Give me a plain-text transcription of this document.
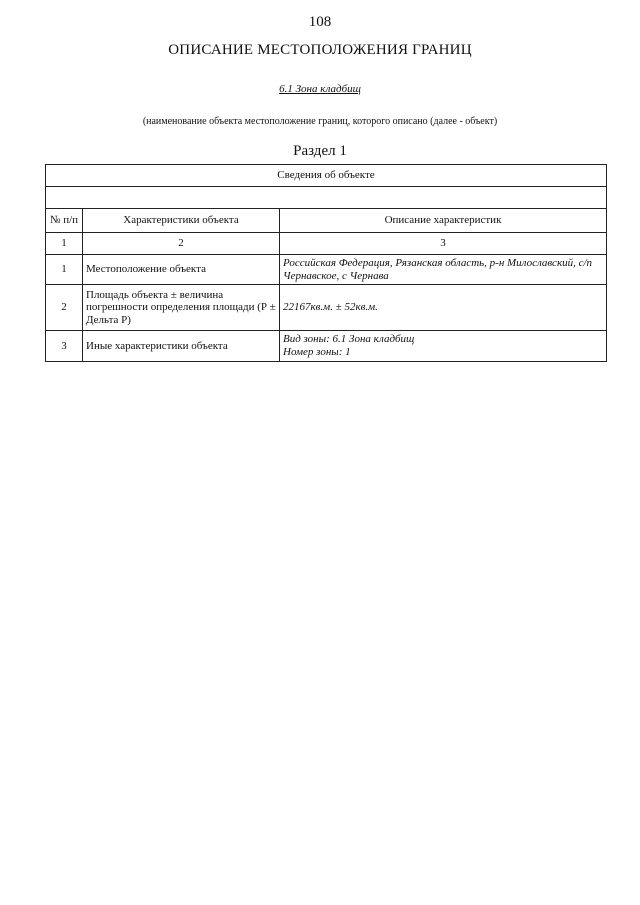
108
ОПИСАНИЕ МЕСТОПОЛОЖЕНИЯ ГРАНИЦ
6.1 Зона кладбищ
(наименование объекта местоположение границ, которого описано (далее - объект)
Раздел 1
Сведения об объекте		

№ п/п	Характеристики объекта	Описание характеристик
1	2	3
1	Местоположение объекта	Российская Федерация, Рязанская область, р-н Милославский, с/п Чернавское, с Чернава
2	Площадь объекта ± величина погрешности определения площади (Р ± Дельта Р)	22167кв.м. ± 52кв.м.
3	Иные характеристики объекта	Вид зоны: 6.1 Зона кладбищ
Номер зоны: 1
